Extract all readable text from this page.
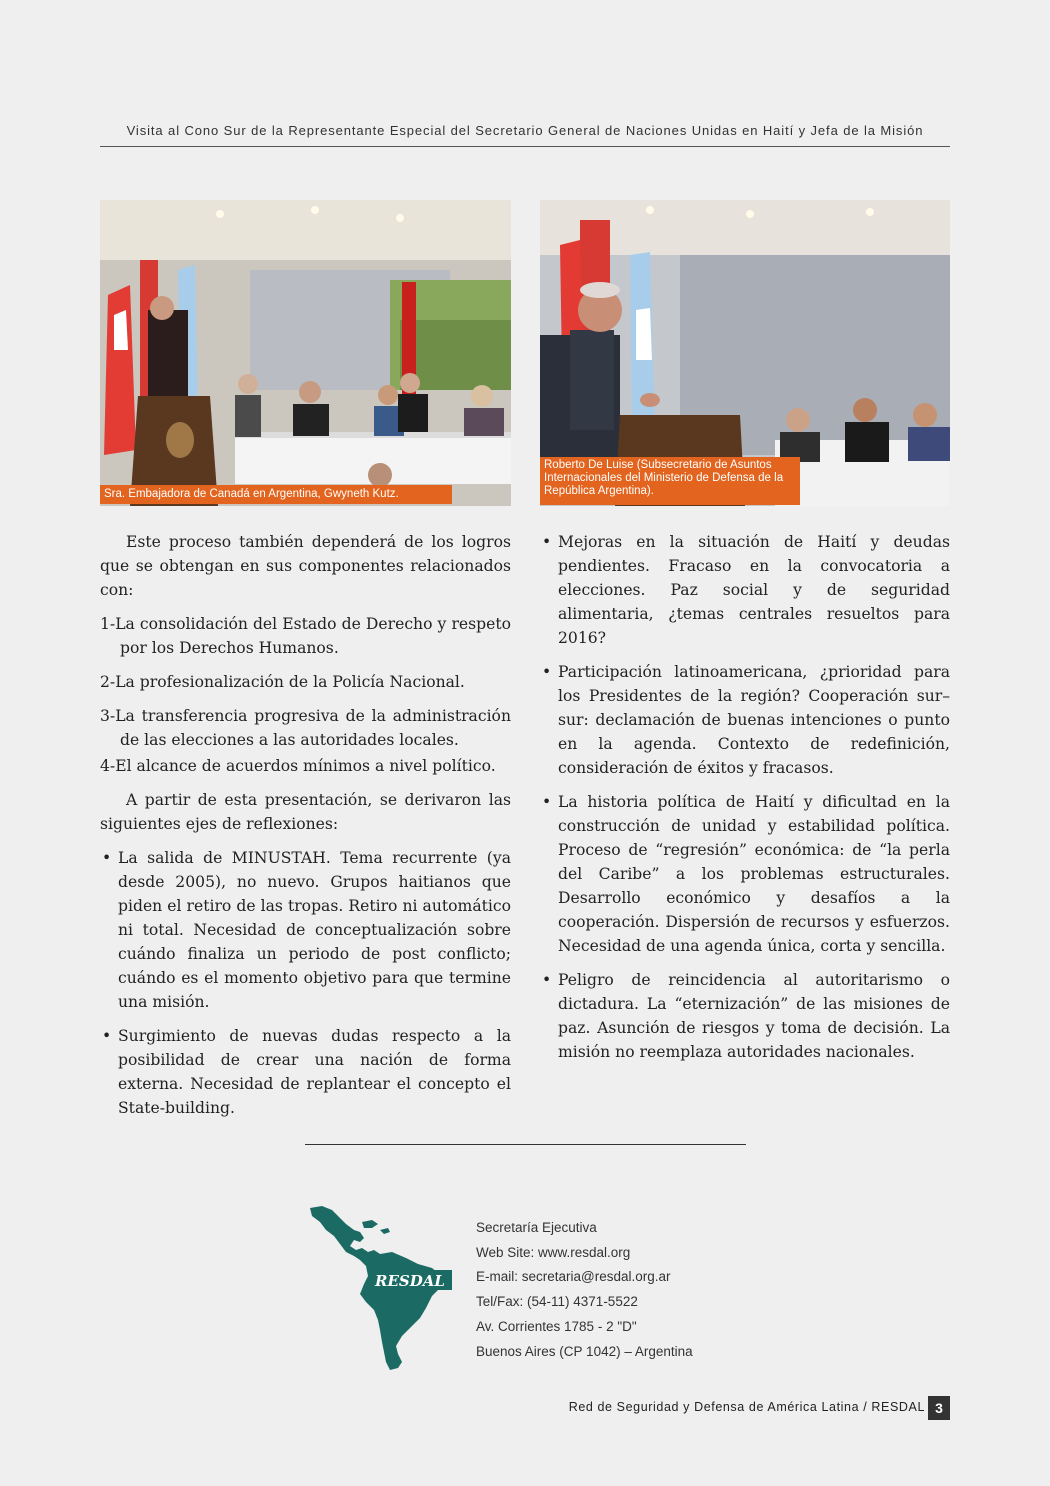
Visita al Cono Sur de la Representante Especial del Secretario General de Naciones Unidas en Haití y Jefa de la Misión
Sra. Embajadora de Canadá en Argentina, Gwyneth Kutz.
Roberto De Luise (Subsecretario de Asuntos Internacionales del Ministerio de Defensa de la República Argentina).

Este proceso también dependerá de los logros que se obtengan en sus componentes relacionados con:

1-La consolidación del Estado de Derecho y respeto por los Derechos Humanos.

2-La profesionalización de la Policía Nacional.

3-La transferencia progresiva de la administración de las elecciones a las autoridades locales.

4-El alcance de acuerdos mínimos a nivel político.

A partir de esta presentación, se derivaron las siguientes ejes de reflexiones:

• La salida de MINUSTAH. Tema recurrente (ya desde 2005), no nuevo. Grupos haitianos que piden el retiro de las tropas. Retiro ni automático ni total. Necesidad de conceptualización sobre cuándo finaliza un periodo de post conflicto; cuándo es el momento objetivo para que termine una misión.

• Surgimiento de nuevas dudas respecto a la posibilidad de crear una nación de forma externa. Necesidad de replantear el concepto el State-building.

• Mejoras en la situación de Haití y deudas pendientes. Fracaso en la convocatoria a elecciones. Paz social y de seguridad alimentaria, ¿temas centrales resueltos para 2016?

• Participación latinoamericana, ¿prioridad para los Presidentes de la región? Cooperación sur–sur: declamación de buenas intenciones o punto en la agenda. Contexto de redefinición, consideración de éxitos y fracasos.

• La historia política de Haití y dificultad en la construcción de unidad y estabilidad política. Proceso de “regresión” económica: de “la perla del Caribe” a los problemas estructurales. Desarrollo económico y desafíos a la cooperación. Dispersión de recursos y esfuerzos. Necesidad de una agenda única, corta y sencilla.

• Peligro de reincidencia al autoritarismo o dictadura. La “eternización” de las misiones de paz. Asunción de riesgos y toma de decisión. La misión no reemplaza autoridades nacionales.

RESDAL
Secretaría Ejecutiva
Web Site: www.resdal.org
E-mail: secretaria@resdal.org.ar
Tel/Fax: (54-11) 4371-5522
Av. Corrientes 1785 - 2 "D"
Buenos Aires (CP 1042) – Argentina
Red de Seguridad y Defensa de América Latina / RESDAL 3
